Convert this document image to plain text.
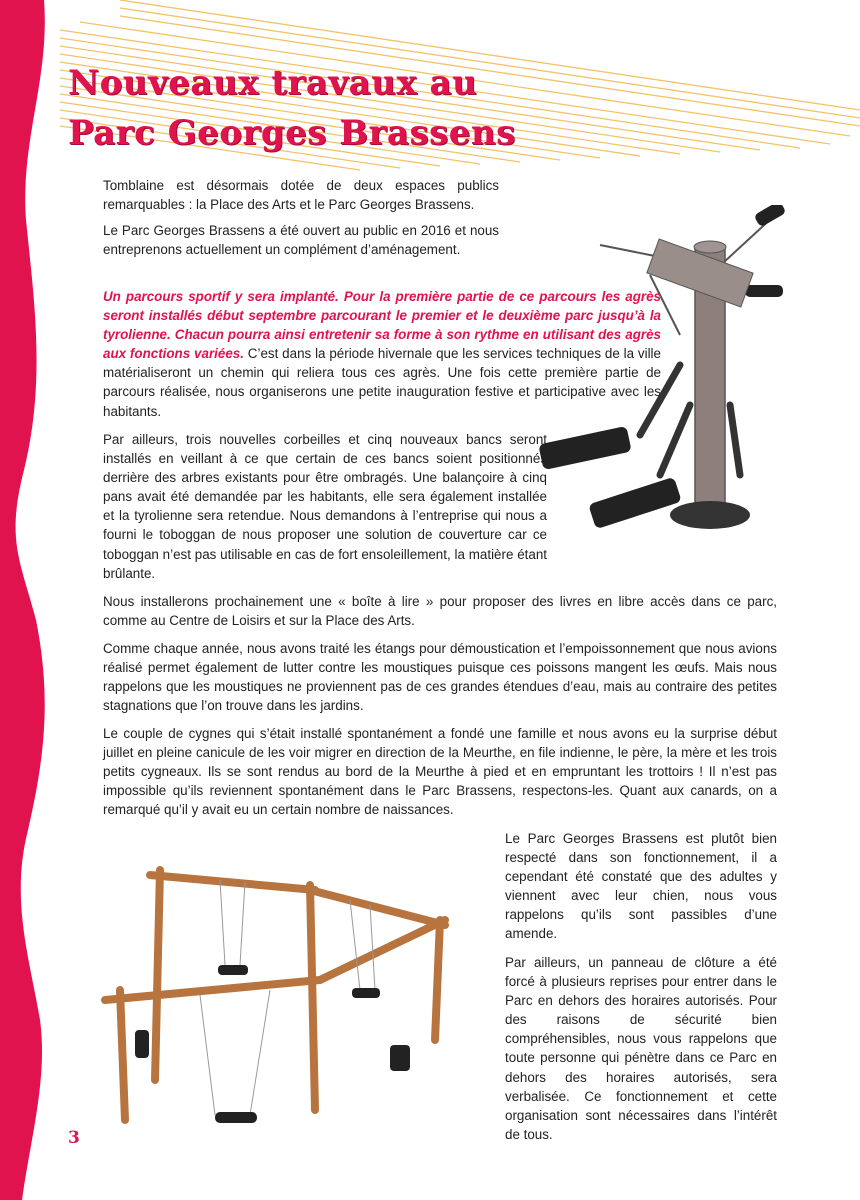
Nouveaux travaux au
Parc Georges Brassens

Tomblaine est désormais dotée de deux espaces publics remarquables : la Place des Arts et le Parc Georges Brassens.

Le Parc Georges Brassens a été ouvert au public en 2016 et nous entreprenons actuellement un complément d’aménagement.

Un parcours sportif y sera implanté. Pour la première partie de ce parcours les agrès seront installés début septembre parcourant le premier et le deuxième parc jusqu’à la tyrolienne. Chacun pourra ainsi entretenir sa forme à son rythme en utilisant des agrès aux fonctions variées. C’est dans la période hivernale que les services techniques de la ville matérialiseront un chemin qui reliera tous ces agrès. Une fois cette première partie de parcours réalisée, nous organiserons une petite inauguration festive et participative avec les habitants.

Par ailleurs, trois nouvelles corbeilles et cinq nouveaux bancs seront installés en veillant à ce que certain de ces bancs soient positionnés derrière des arbres existants pour être ombragés. Une balançoire à cinq pans avait été demandée par les habitants, elle sera également installée et la tyrolienne sera retendue. Nous demandons à l’entreprise qui nous a fourni le toboggan de nous proposer une solution de couverture car ce toboggan n’est pas utilisable en cas de fort ensoleillement, la matière étant brûlante.

Nous installerons prochainement une « boîte à lire » pour proposer des livres en libre accès dans ce parc, comme au Centre de Loisirs et sur la Place des Arts.

Comme chaque année, nous avons traité les étangs pour démoustication et l’empoissonnement que nous avions réalisé permet également de lutter contre les moustiques puisque ces poissons mangent les œufs. Mais nous rappelons que les moustiques ne proviennent pas de ces grandes étendues d’eau, mais au contraire des petites stagnations que l’on trouve dans les jardins.

Le couple de cygnes qui s’était installé spontanément a fondé une famille et nous avons eu la surprise début juillet en pleine canicule de les voir migrer en direction de la Meurthe, en file indienne, le père, la mère et les trois petits cygneaux. Ils se sont rendus au bord de la Meurthe à pied et en empruntant les trottoirs ! Il n’est pas impossible qu’ils reviennent spontanément dans le Parc Brassens, respectons-les. Quant aux canards, on a remarqué qu’il y avait eu un certain nombre de naissances.

Le Parc Georges Brassens est plutôt bien respecté dans son fonctionnement, il a cependant été constaté que des adultes y viennent avec leur chien, nous vous rappelons qu’ils sont passibles d’une amende.

Par ailleurs, un panneau de clôture a été forcé à plusieurs reprises pour entrer dans le Parc en dehors des horaires autorisés. Pour des raisons de sécurité bien compréhensibles, nous vous rappelons que toute personne qui pénètre dans ce Parc en dehors des horaires autorisés, sera verbalisée. Ce fonctionnement et cette organisation sont nécessaires dans l’intérêt de tous.

3
